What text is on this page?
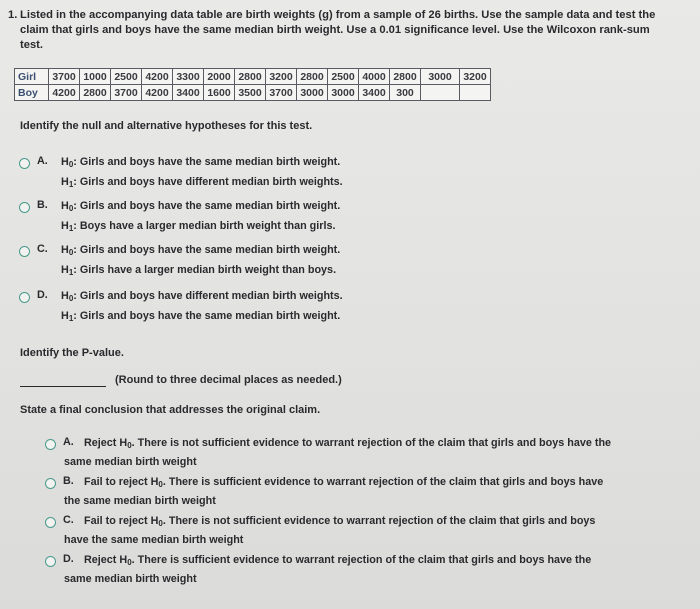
1. Listed in the accompanying data table are birth weights (g) from a sample of 26 births. Use the sample data and test the
claim that girls and boys have the same median birth weight. Use a 0.01 significance level. Use the Wilcoxon rank-sum
test.
Girl	3700	1000	2500	4200	3300	2000	2800	3200	2800	2500	4000	2800	3000	3200
Boy	4200	2800	3700	4200	3400	1600	3500	3700	3000	3000	3400	300		
Identify the null and alternative hypotheses for this test.
A. $H_0$: Girls and boys have the same median birth weight.
$H_1$: Girls and boys have different median birth weights.
B. $H_0$: Girls and boys have the same median birth weight.
$H_1$: Boys have a larger median birth weight than girls.
C. $H_0$: Girls and boys have the same median birth weight.
$H_1$: Girls have a larger median birth weight than boys.
D. $H_0$: Girls and boys have different median birth weights.
$H_1$: Girls and boys have the same median birth weight.
Identify the P-value.
(Round to three decimal places as needed.)
State a final conclusion that addresses the original claim.
A. Reject $H_0$. There is not sufficient evidence to warrant rejection of the claim that girls and boys have the
same median birth weight
B. Fail to reject $H_0$. There is sufficient evidence to warrant rejection of the claim that girls and boys have
the same median birth weight
C. Fail to reject $H_0$. There is not sufficient evidence to warrant rejection of the claim that girls and boys
have the same median birth weight
D. Reject $H_0$. There is sufficient evidence to warrant rejection of the claim that girls and boys have the
same median birth weight
